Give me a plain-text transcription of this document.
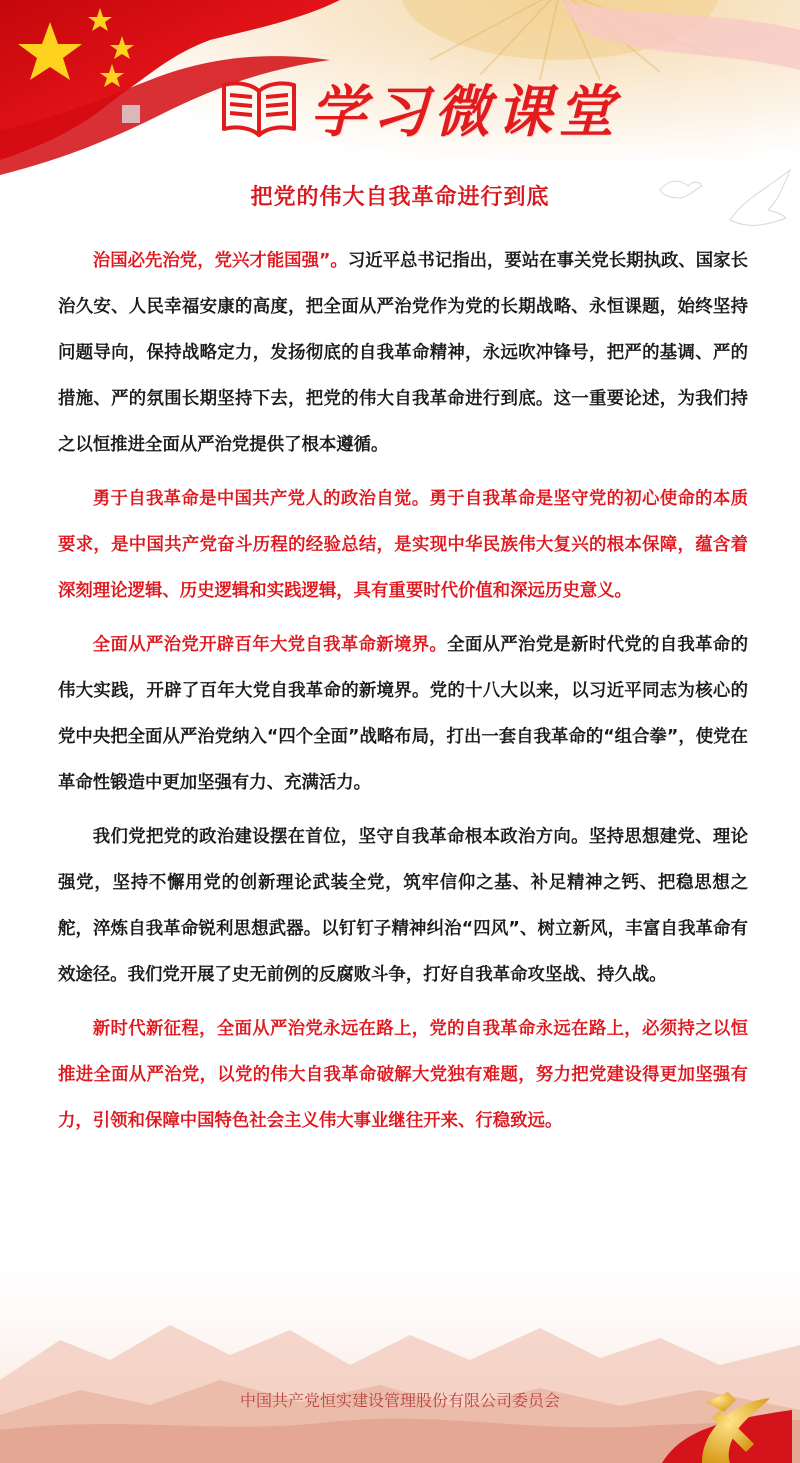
学习微课堂
把党的伟大自我革命进行到底

治国必先治党，党兴才能国强”。习近平总书记指出，要站在事关党长期执政、国家长治久安、人民幸福安康的高度，把全面从严治党作为党的长期战略、永恒课题，始终坚持问题导向，保持战略定力，发扬彻底的自我革命精神，永远吹冲锋号，把严的基调、严的措施、严的氛围长期坚持下去，把党的伟大自我革命进行到底。这一重要论述，为我们持之以恒推进全面从严治党提供了根本遵循。

勇于自我革命是中国共产党人的政治自觉。勇于自我革命是坚守党的初心使命的本质要求，是中国共产党奋斗历程的经验总结，是实现中华民族伟大复兴的根本保障，蕴含着深刻理论逻辑、历史逻辑和实践逻辑，具有重要时代价值和深远历史意义。

全面从严治党开辟百年大党自我革命新境界。全面从严治党是新时代党的自我革命的伟大实践，开辟了百年大党自我革命的新境界。党的十八大以来，以习近平同志为核心的党中央把全面从严治党纳入“四个全面”战略布局，打出一套自我革命的“组合拳”，使党在革命性锻造中更加坚强有力、充满活力。

我们党把党的政治建设摆在首位，坚守自我革命根本政治方向。坚持思想建党、理论强党，坚持不懈用党的创新理论武装全党，筑牢信仰之基、补足精神之钙、把稳思想之舵，淬炼自我革命锐利思想武器。以钉钉子精神纠治“四风”、树立新风，丰富自我革命有效途径。我们党开展了史无前例的反腐败斗争，打好自我革命攻坚战、持久战。

新时代新征程，全面从严治党永远在路上，党的自我革命永远在路上，必须持之以恒推进全面从严治党，以党的伟大自我革命破解大党独有难题，努力把党建设得更加坚强有力，引领和保障中国特色社会主义伟大事业继往开来、行稳致远。

中国共产党恒实建设管理股份有限公司委员会
